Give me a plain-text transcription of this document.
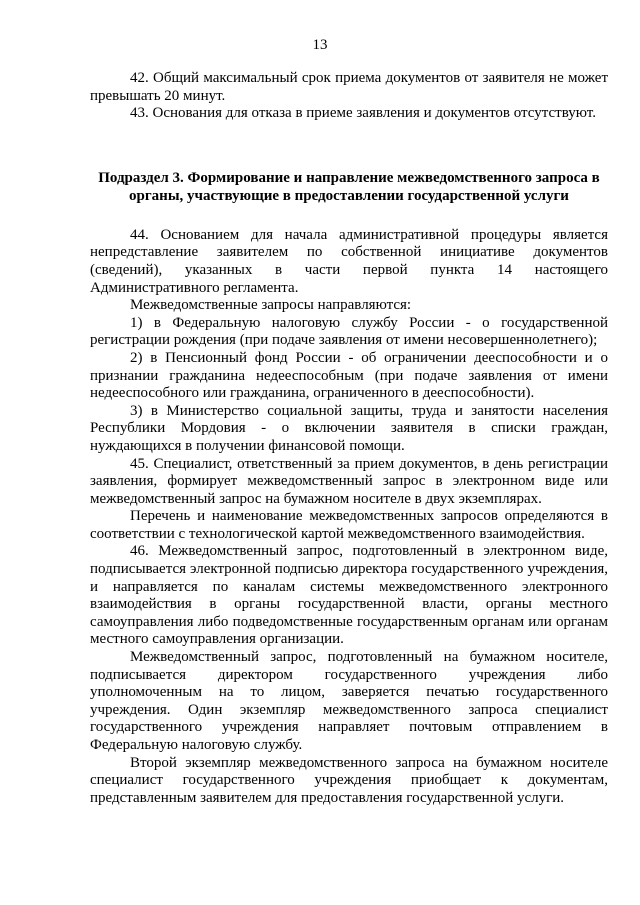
13

42. Общий максимальный срок приема документов от заявителя не может превышать 20 минут.

43. Основания для отказа в приеме заявления и документов отсутствуют.

Подраздел 3. Формирование и направление межведомственного запроса в органы, участвующие в предоставлении государственной услуги

44. Основанием для начала административной процедуры является непредставление заявителем по собственной инициативе документов (сведений), указанных в части первой пункта 14 настоящего Административного регламента.

Межведомственные запросы направляются:

1) в Федеральную налоговую службу России - о государственной регистрации рождения (при подаче заявления от имени несовершеннолетнего);

2) в Пенсионный фонд России - об ограничении дееспособности и о признании гражданина недееспособным (при подаче заявления от имени недееспособного или гражданина, ограниченного в дееспособности).

3) в Министерство социальной защиты, труда и занятости населения Республики Мордовия - о включении заявителя в списки граждан, нуждающихся в получении финансовой помощи.

45. Специалист, ответственный за прием документов, в день регистрации заявления, формирует межведомственный запрос в электронном виде или межведомственный запрос на бумажном носителе в двух экземплярах.

Перечень и наименование межведомственных запросов определяются в соответствии с технологической картой межведомственного взаимодействия.

46. Межведомственный запрос, подготовленный в электронном виде, подписывается электронной подписью директора государственного учреждения, и направляется по каналам системы межведомственного электронного взаимодействия в органы государственной власти, органы местного самоуправления либо подведомственные государственным органам или органам местного самоуправления организации.

Межведомственный запрос, подготовленный на бумажном носителе, подписывается директором государственного учреждения либо уполномоченным на то лицом, заверяется печатью государственного учреждения. Один экземпляр межведомственного запроса специалист государственного учреждения направляет почтовым отправлением в Федеральную налоговую службу.

Второй экземпляр межведомственного запроса на бумажном носителе специалист государственного учреждения приобщает к документам, представленным заявителем для предоставления государственной услуги.
